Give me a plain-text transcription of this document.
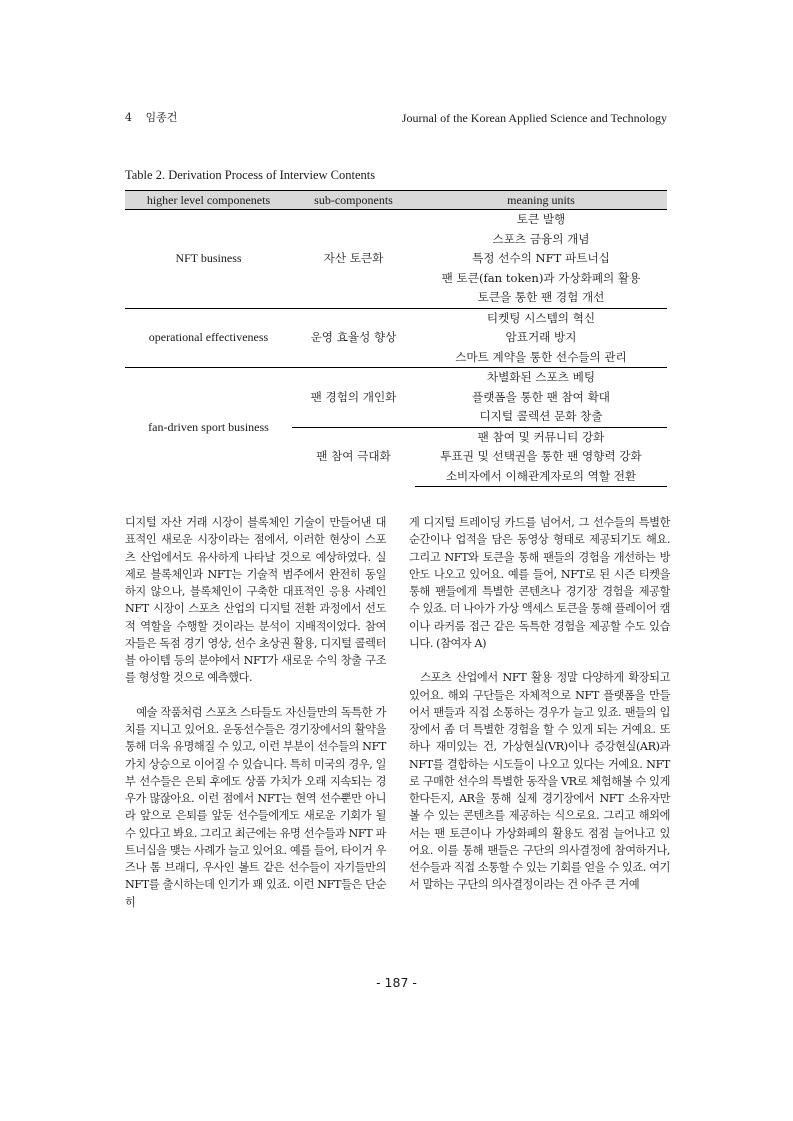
4 임종건	Journal of the Korean Applied Science and Technology
Table 2. Derivation Process of Interview Contents
higher level componenets	sub-components	meaning units
NFT business	자산 토큰화	토큰 발행
		스포츠 금융의 개념
		특정 선수의 NFT 파트너십
		팬 토큰(fan token)과 가상화폐의 활용
		토큰을 통한 팬 경험 개선
operational effectiveness	운영 효율성 향상	티켓팅 시스템의 혁신
		암표거래 방지
		스마트 계약을 통한 선수들의 관리
fan-driven sport business	팬 경험의 개인화	차별화된 스포츠 베팅
		플랫폼을 통한 팬 참여 확대
		디지털 콜렉션 문화 창출
	팬 참여 극대화	팬 참여 및 커뮤니티 강화
		투표권 및 선택권을 통한 팬 영향력 강화
		소비자에서 이해관계자로의 역할 전환

디지털 자산 거래 시장이 블록체인 기술이 만들어낸 대표적인 새로운 시장이라는 점에서, 이러한 현상이 스포츠 산업에서도 유사하게 나타날 것으로 예상하였다. 실제로 블록체인과 NFT는 기술적 범주에서 완전히 동일하지 않으나, 블록체인이 구축한 대표적인 응용 사례인 NFT 시장이 스포츠 산업의 디지털 전환 과정에서 선도적 역할을 수행할 것이라는 분석이 지배적이었다. 참여자들은 독점 경기 영상, 선수 초상권 활용, 디지털 콜렉터블 아이템 등의 분야에서 NFT가 새로운 수익 창출 구조를 형성할 것으로 예측했다.

예술 작품처럼 스포츠 스타들도 자신들만의 독특한 가치를 지니고 있어요. 운동선수들은 경기장에서의 활약을 통해 더욱 유명해질 수 있고, 이런 부분이 선수들의 NFT 가치 상승으로 이어질 수 있습니다. 특히 미국의 경우, 일부 선수들은 은퇴 후에도 상품 가치가 오래 지속되는 경우가 많잖아요. 이런 점에서 NFT는 현역 선수뿐만 아니라 앞으로 은퇴를 앞둔 선수들에게도 새로운 기회가 될 수 있다고 봐요. 그리고 최근에는 유명 선수들과 NFT 파트너십을 맺는 사례가 늘고 있어요. 예를 들어, 타이거 우즈나 톰 브래디, 우사인 볼트 같은 선수들이 자기들만의 NFT를 출시하는데 인기가 꽤 있죠. 이런 NFT들은 단순히

게 디지털 트레이딩 카드를 넘어서, 그 선수들의 특별한 순간이나 업적을 담은 동영상 형태로 제공되기도 해요. 그리고 NFT와 토큰을 통해 팬들의 경험을 개선하는 방안도 나오고 있어요. 예를 들어, NFT로 된 시즌 티켓을 통해 팬들에게 특별한 콘텐츠나 경기장 경험을 제공할 수 있죠. 더 나아가 가상 액세스 토큰을 통해 플레이어 캠이나 라커룸 접근 같은 독특한 경험을 제공할 수도 있습니다. (참여자 A)

스포츠 산업에서 NFT 활용 정말 다양하게 확장되고 있어요. 해외 구단들은 자체적으로 NFT 플랫폼을 만들어서 팬들과 직접 소통하는 경우가 늘고 있죠. 팬들의 입장에서 좀 더 특별한 경험을 할 수 있게 되는 거예요. 또 하나 재미있는 건, 가상현실(VR)이나 증강현실(AR)과 NFT를 결합하는 시도들이 나오고 있다는 거예요. NFT로 구매한 선수의 특별한 동작을 VR로 체험해볼 수 있게 한다든지, AR을 통해 실제 경기장에서 NFT 소유자만 볼 수 있는 콘텐츠를 제공하는 식으로요. 그리고 해외에서는 팬 토큰이나 가상화폐의 활용도 점점 늘어나고 있어요. 이를 통해 팬들은 구단의 의사결정에 참여하거나, 선수들과 직접 소통할 수 있는 기회를 얻을 수 있죠. 여기서 말하는 구단의 의사결정이라는 건 아주 큰 거예

- 187 -
